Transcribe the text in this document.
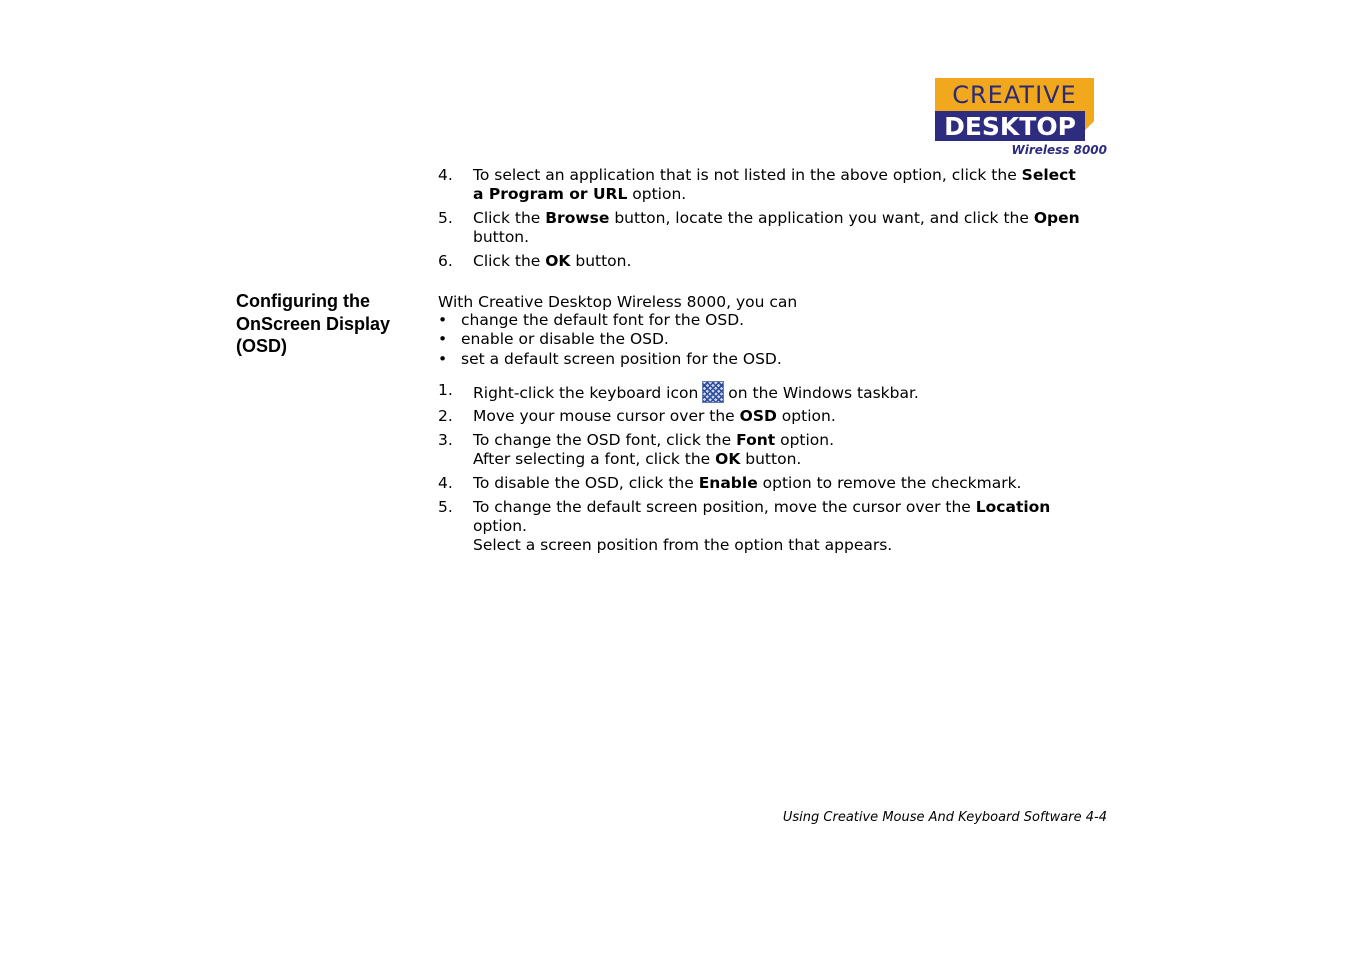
CREATIVE
DESKTOP
Wireless 8000
4. To select an application that is not listed in the above option, click the Select
a Program or URL option.
5. Click the Browse button, locate the application you want, and click the Open
button.
6. Click the OK button.
Configuring the
OnScreen Display
(OSD)
With Creative Desktop Wireless 8000, you can
• change the default font for the OSD.
• enable or disable the OSD.
• set a default screen position for the OSD.
1. Right-click the keyboard icon on the Windows taskbar.
2. Move your mouse cursor over the OSD option.
3. To change the OSD font, click the Font option.
After selecting a font, click the OK button.
4. To disable the OSD, click the Enable option to remove the checkmark.
5. To change the default screen position, move the cursor over the Location
option.
Select a screen position from the option that appears.
Using Creative Mouse And Keyboard Software 4-4
